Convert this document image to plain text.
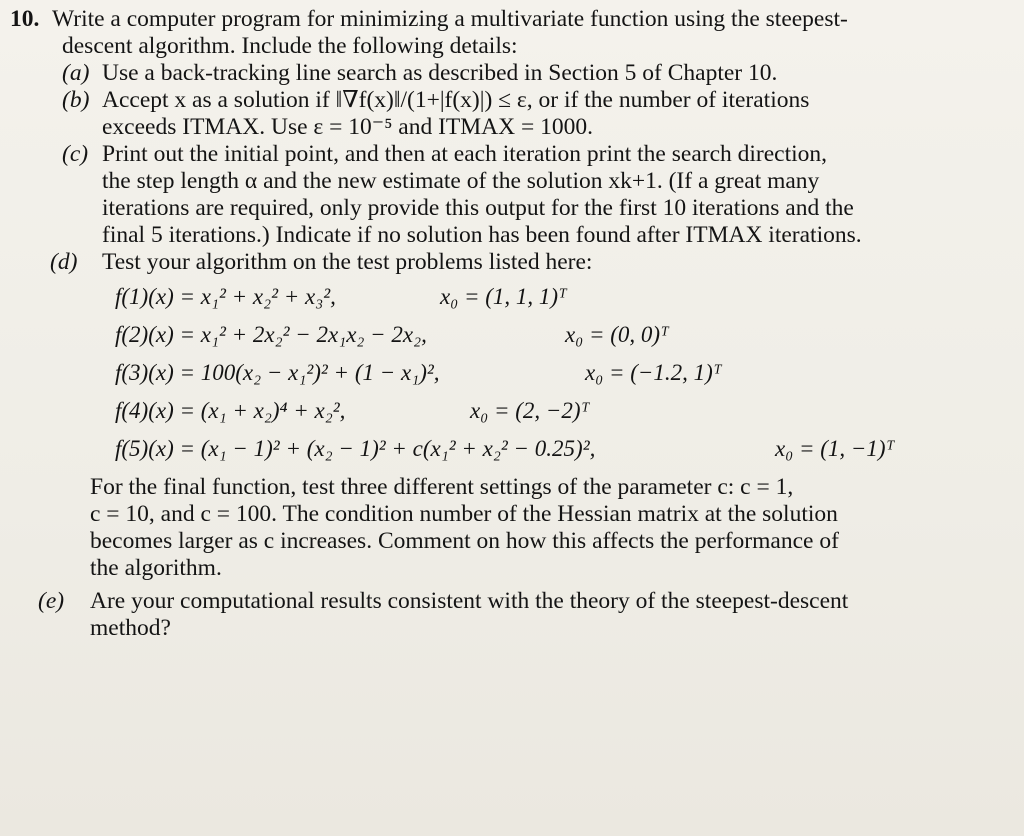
10. Write a computer program for minimizing a multivariate function using the steepest-
descent algorithm. Include the following details:
(a) Use a back-tracking line search as described in Section 5 of Chapter 10.
(b) Accept x as a solution if ‖∇f(x)‖/(1+|f(x)|) ≤ ε, or if the number of iterations
exceeds ITMAX. Use ε = 10⁻⁵ and ITMAX = 1000.
(c) Print out the initial point, and then at each iteration print the search direction,
the step length α and the new estimate of the solution xk+1. (If a great many
iterations are required, only provide this output for the first 10 iterations and the
final 5 iterations.) Indicate if no solution has been found after ITMAX iterations.
(d) Test your algorithm on the test problems listed here:
f(1)(x) = x₁² + x₂² + x₃²,	x₀ = (1, 1, 1)ᵀ
f(2)(x) = x₁² + 2x₂² − 2x₁x₂ − 2x₂,	x₀ = (0, 0)ᵀ
f(3)(x) = 100(x₂ − x₁²)² + (1 − x₁)²,	x₀ = (−1.2, 1)ᵀ
f(4)(x) = (x₁ + x₂)⁴ + x₂²,	x₀ = (2, −2)ᵀ
f(5)(x) = (x₁ − 1)² + (x₂ − 1)² + c(x₁² + x₂² − 0.25)²,	x₀ = (1, −1)ᵀ
For the final function, test three different settings of the parameter c: c = 1,
c = 10, and c = 100. The condition number of the Hessian matrix at the solution
becomes larger as c increases. Comment on how this affects the performance of
the algorithm.
(e) Are your computational results consistent with the theory of the steepest-descent
method?
